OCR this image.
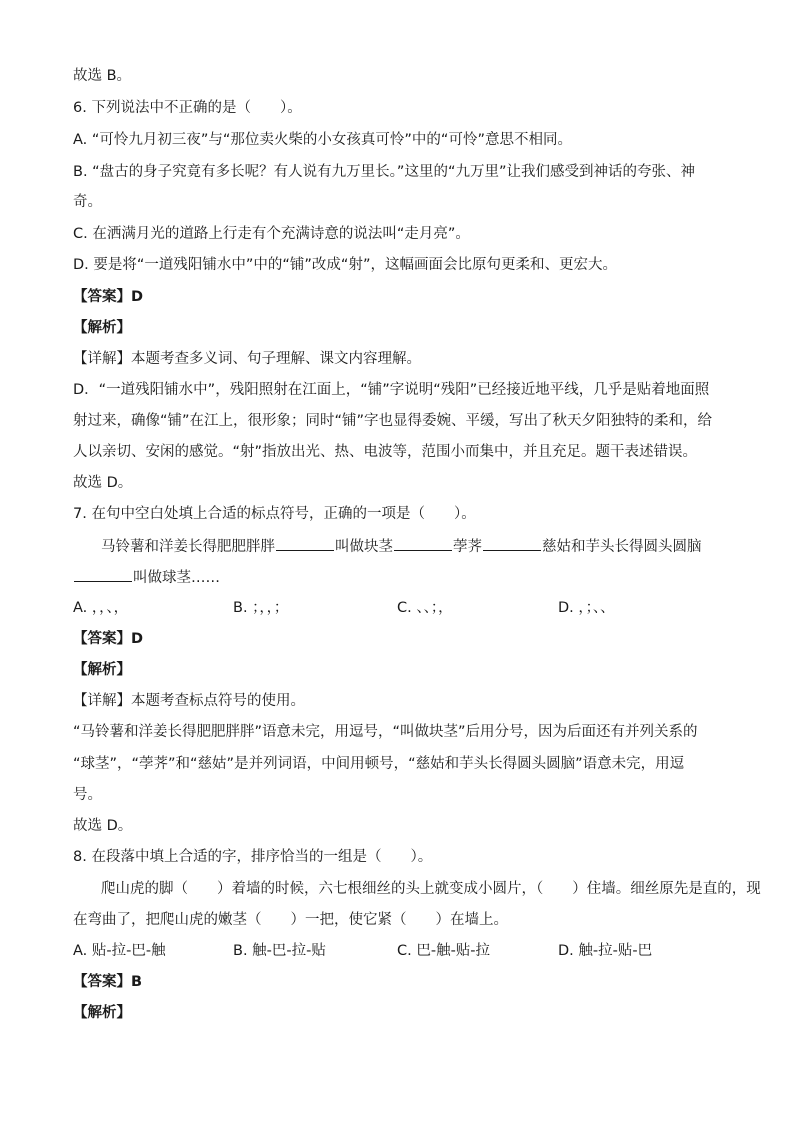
故选 B。
6. 下列说法中不正确的是（　　）。
A. “可怜九月初三夜”与“那位卖火柴的小女孩真可怜”中的“可怜”意思不相同。
B. “盘古的身子究竟有多长呢？有人说有九万里长。”这里的“九万里”让我们感受到神话的夸张、神
奇。
C. 在洒满月光的道路上行走有个充满诗意的说法叫“走月亮”。
D. 要是将“一道残阳铺水中”中的“铺”改成“射”，这幅画面会比原句更柔和、更宏大。
【答案】D
【解析】
【详解】本题考查多义词、句子理解、课文内容理解。
D．“一道残阳铺水中”，残阳照射在江面上，“铺”字说明“残阳”已经接近地平线，几乎是贴着地面照
射过来，确像“铺”在江上，很形象；同时“铺”字也显得委婉、平缓，写出了秋天夕阳独特的柔和，给
人以亲切、安闲的感觉。“射”指放出光、热、电波等，范围小而集中，并且充足。题干表述错误。
故选 D。
7. 在句中空白处填上合适的标点符号，正确的一项是（　　）。
马铃薯和洋姜长得肥肥胖胖	叫做块茎	荸荠	慈姑和芋头长得圆头圆脑
叫做球茎……
A. ，，、，	B. ；，，；	C. 、、；，	D. ，；、、
【答案】D
【解析】
【详解】本题考查标点符号的使用。
“马铃薯和洋姜长得肥肥胖胖”语意未完，用逗号，“叫做块茎”后用分号，因为后面还有并列关系的
“球茎”，“荸荠”和“慈姑”是并列词语，中间用顿号，“慈姑和芋头长得圆头圆脑”语意未完，用逗
号。
故选 D。
8. 在段落中填上合适的字，排序恰当的一组是（　　）。
爬山虎的脚（　　）着墙的时候，六七根细丝的头上就变成小圆片，（　　）住墙。细丝原先是直的，现
在弯曲了，把爬山虎的嫩茎（　　）一把，使它紧（　　）在墙上。
A. 贴-拉-巴-触	B. 触-巴-拉-贴	C. 巴-触-贴-拉	D. 触-拉-贴-巴
【答案】B
【解析】
